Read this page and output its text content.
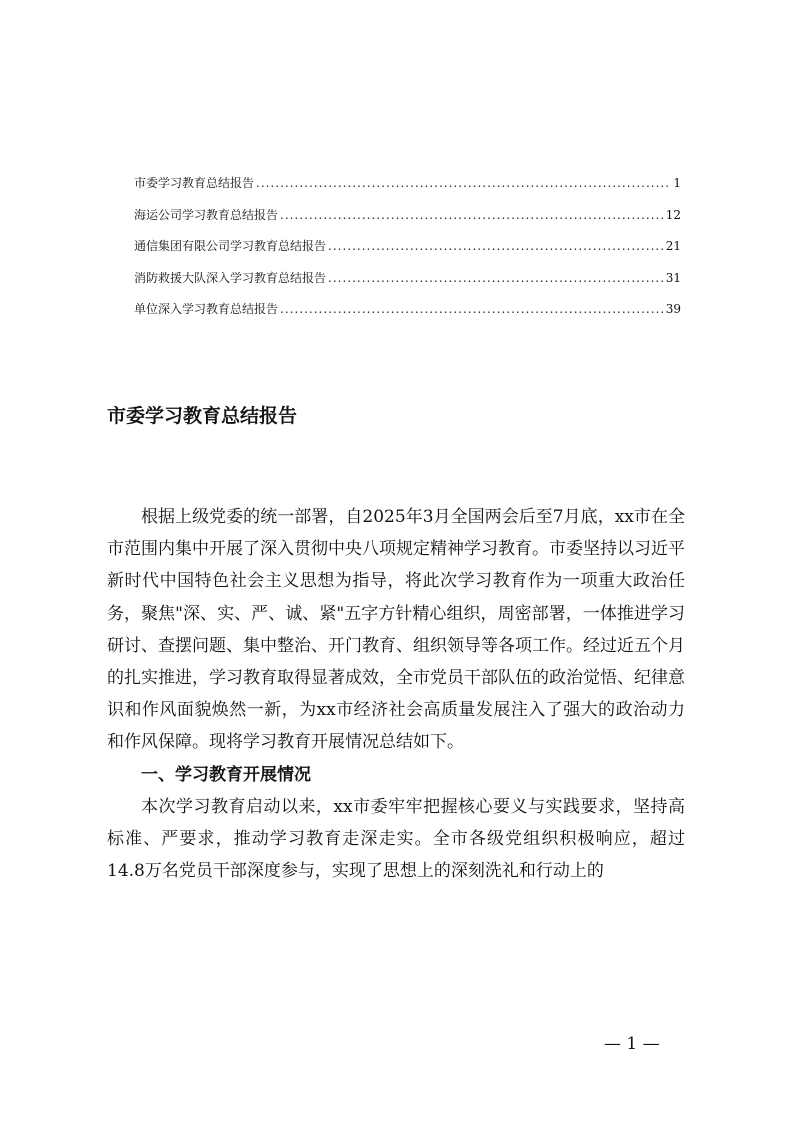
市委学习教育总结报告 .....	1
海运公司学习教育总结报告 .....	12
通信集团有限公司学习教育总结报告 .....	21
消防救援大队深入学习教育总结报告 .....	31
单位深入学习教育总结报告 .....	39
市委学习教育总结报告

根据上级党委的统一部署，自2025年3月全国两会后至7月底，xx市在全市范围内集中开展了深入贯彻中央八项规定精神学习教育。市委坚持以习近平新时代中国特色社会主义思想为指导，将此次学习教育作为一项重大政治任务，聚焦"深、实、严、诚、紧"五字方针精心组织，周密部署，一体推进学习研讨、查摆问题、集中整治、开门教育、组织领导等各项工作。经过近五个月的扎实推进，学习教育取得显著成效，全市党员干部队伍的政治觉悟、纪律意识和作风面貌焕然一新，为xx市经济社会高质量发展注入了强大的政治动力和作风保障。现将学习教育开展情况总结如下。

一、学习教育开展情况

本次学习教育启动以来，xx市委牢牢把握核心要义与实践要求，坚持高标准、严要求，推动学习教育走深走实。全市各级党组织积极响应，超过14.8万名党员干部深度参与，实现了思想上的深刻洗礼和行动上的

— 1 —
